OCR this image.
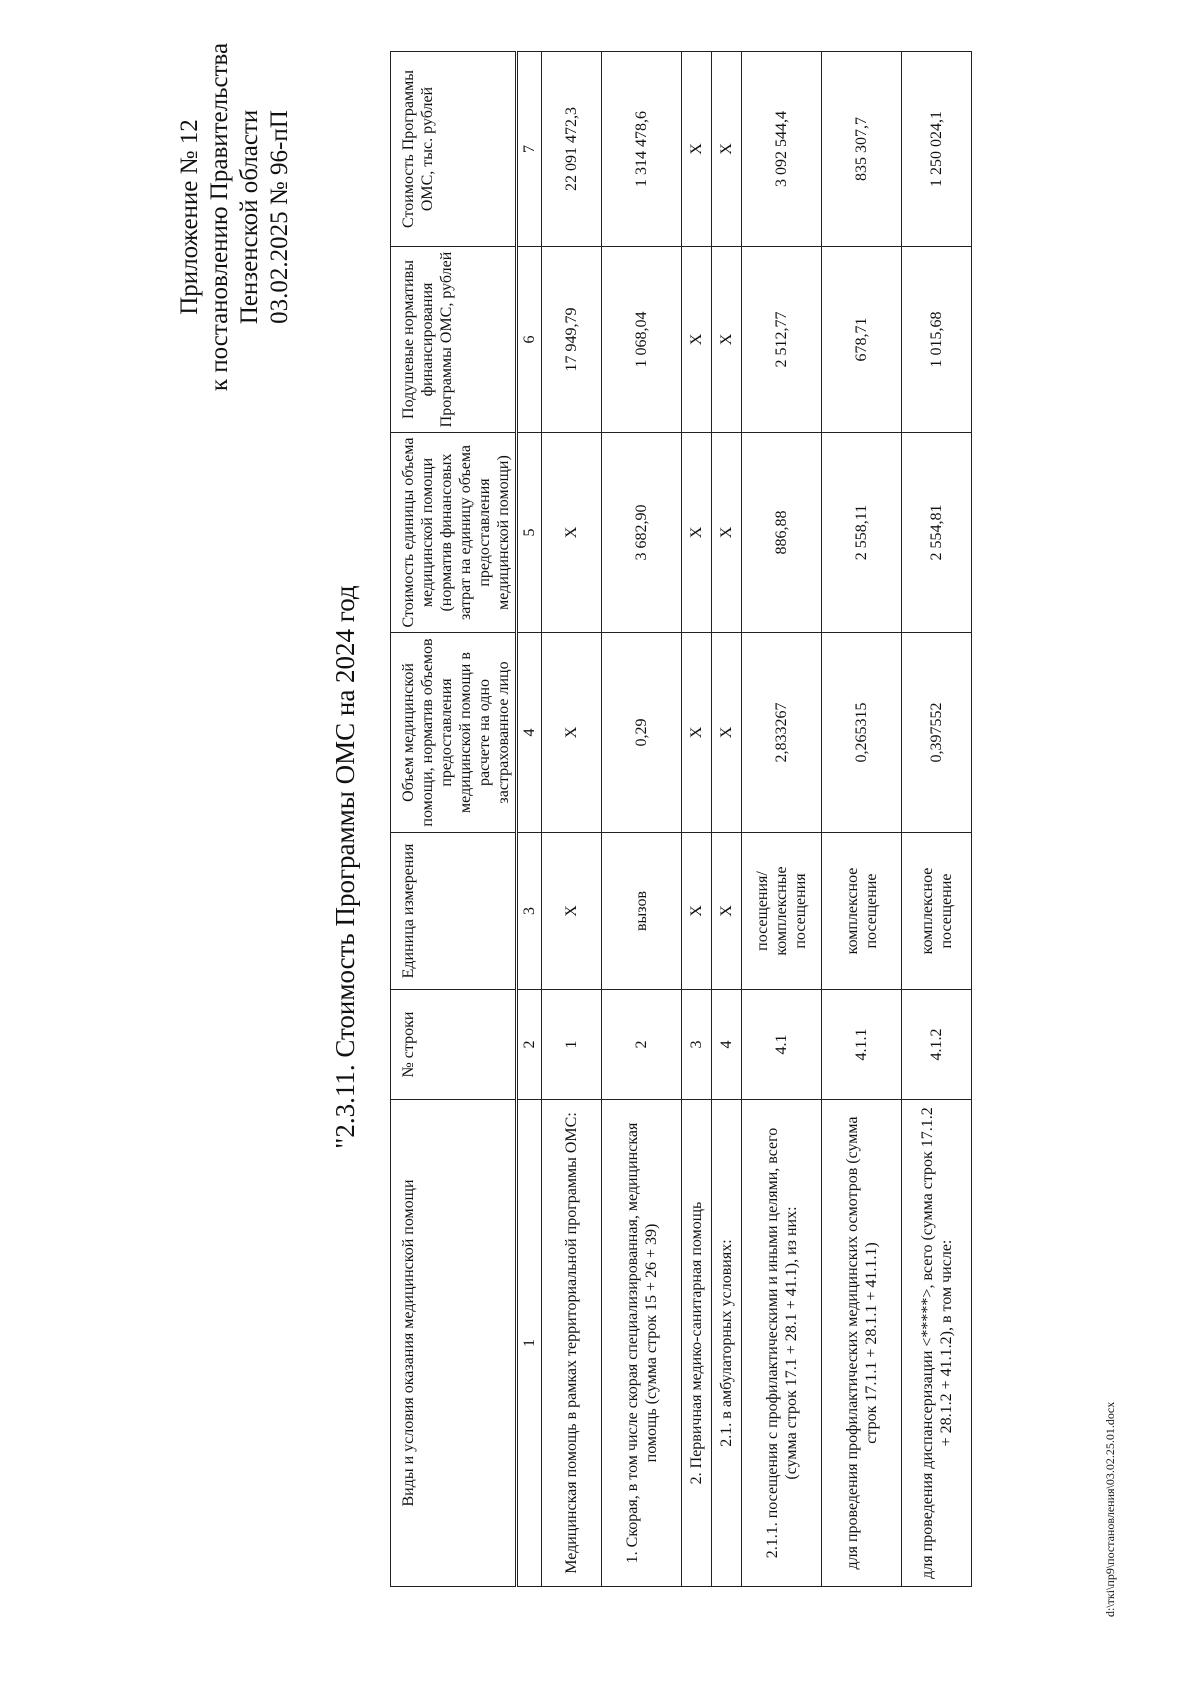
Приложение № 12 к постановлению Правительства Пензенской области 03.02.2025 № 96-пП
"2.3.11. Стоимость Программы ОМС на 2024 год
Виды и условия оказания медицинской помощи	№ строки	Единица измерения	Объем медицинской помощи, норматив объемов предоставления медицинской помощи в расчете на одно застрахованное лицо	Стоимость единицы объема медицинской помощи (норматив финансовых затрат на единицу объема предоставления медицинской помощи)	Подушевые нормативы финансирования Программы ОМС, рублей	Стоимость Программы ОМС, тыс. рублей
1	2	3	4	5	6	7
Медицинская помощь в рамках территориальной программы ОМС:	1	X	X	X	17 949,79	22 091 472,3
1. Скорая, в том числе скорая специализированная, медицинская помощь (сумма строк 15 + 26 + 39)	2	вызов	0,29	3 682,90	1 068,04	1 314 478,6
2. Первичная медико-санитарная помощь	3	X	X	X	X	X
2.1. в амбулаторных условиях:	4	X	X	X	X	X
2.1.1. посещения с профилактическими и иными целями, всего (сумма строк 17.1 + 28.1 + 41.1), из них:	4.1	посещения/ комплексные посещения	2,833267	886,88	2 512,77	3 092 544,4
для проведения профилактических медицинских осмотров (сумма строк 17.1.1 + 28.1.1 + 41.1.1)	4.1.1	комплексное посещение	0,265315	2 558,11	678,71	835 307,7
для проведения диспансеризации <*****>, всего (сумма строк 17.1.2 + 28.1.2 + 41.1.2), в том числе:	4.1.2	комплексное посещение	0,397552	2 554,81	1 015,68	1 250 024,1
d:\ткі\пр9\постановления\03.02.25.01.docx
